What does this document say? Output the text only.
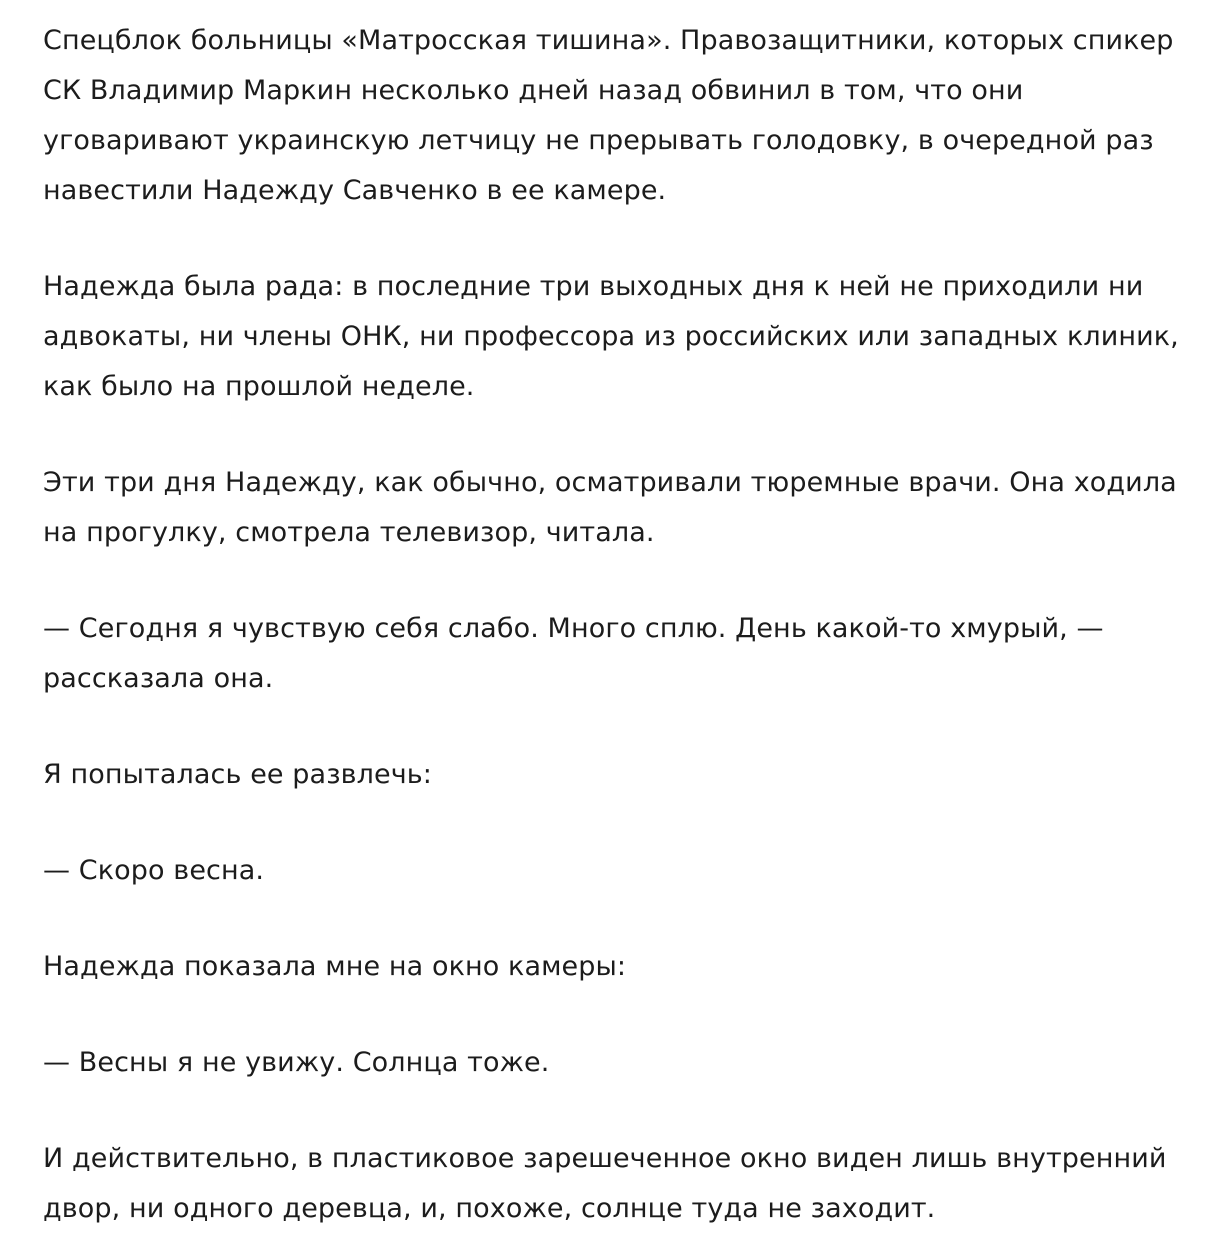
Спецблок больницы «Матросская тишина». Правозащитники, которых спикер СК Владимир Маркин несколько дней назад обвинил в том, что они уговаривают украинскую летчицу не прерывать голодовку, в очередной раз навестили Надежду Савченко в ее камере.

Надежда была рада: в последние три выходных дня к ней не приходили ни адвокаты, ни члены ОНК, ни профессора из российских или западных клиник, как было на прошлой неделе.

Эти три дня Надежду, как обычно, осматривали тюремные врачи. Она ходила на прогулку, смотрела телевизор, читала.

— Сегодня я чувствую себя слабо. Много сплю. День какой-то хмурый, — рассказала она.

Я попыталась ее развлечь:

— Скоро весна.

Надежда показала мне на окно камеры:

— Весны я не увижу. Солнца тоже.

И действительно, в пластиковое зарешеченное окно виден лишь внутренний двор, ни одного деревца, и, похоже, солнце туда не заходит.
